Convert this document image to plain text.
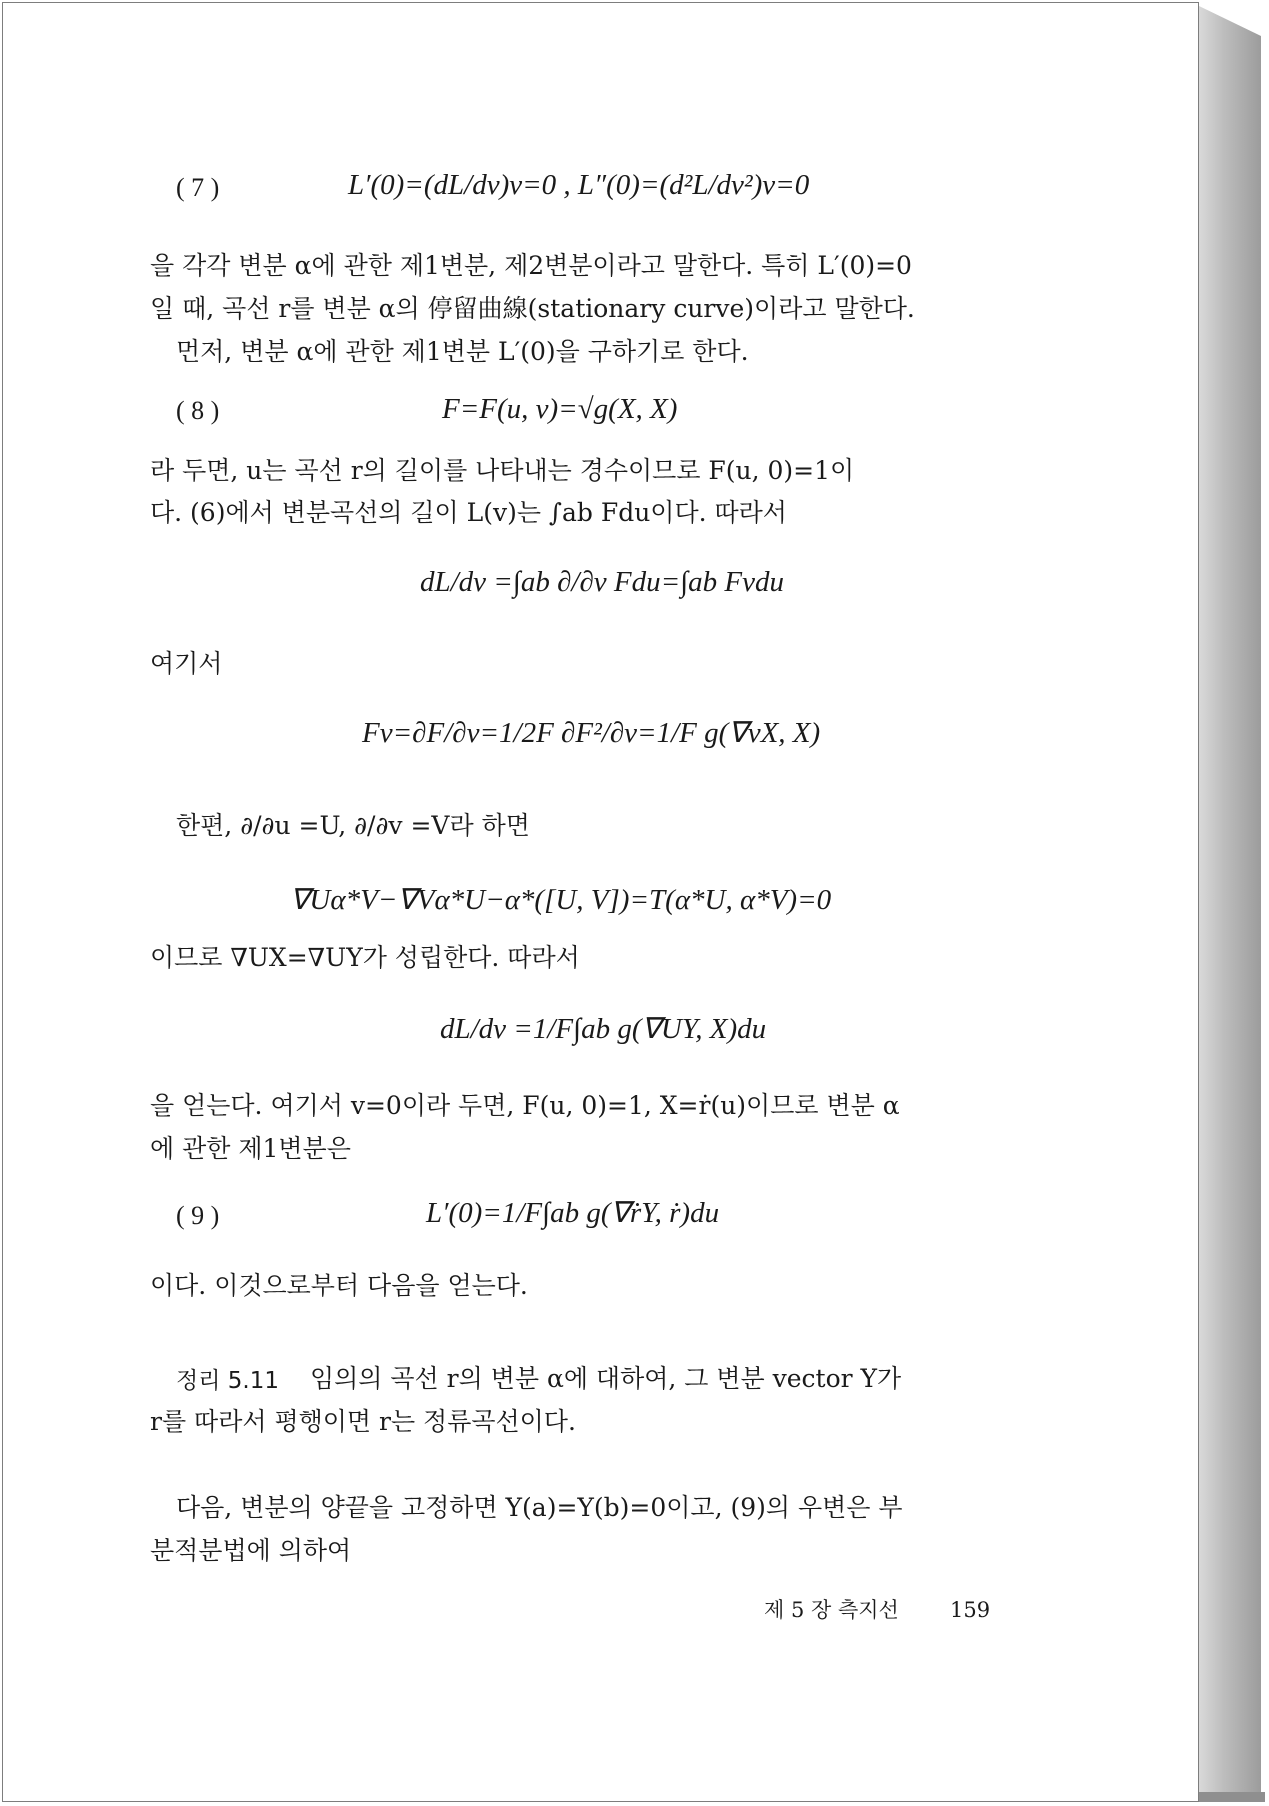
( 7 )	L′(0)=(dL/dv)v=0 , L″(0)=(d²L/dv²)v=0

을 각각 변분 α에 관한 제1변분, 제2변분이라고 말한다. 특히 L′(0)=0

일 때, 곡선 r를 변분 α의 停留曲線(stationary curve)이라고 말한다.

먼저, 변분 α에 관한 제1변분 L′(0)을 구하기로 한다.

( 8 )	F=F(u, v)=√g(X, X)

라 두면, u는 곡선 r의 길이를 나타내는 경수이므로 F(u, 0)=1이

다. (6)에서 변분곡선의 길이 L(v)는 ∫ab Fdu이다. 따라서

dL/dv =∫ab ∂/∂v Fdu=∫ab Fvdu

여기서

Fv=∂F/∂v=1/2F ∂F²/∂v=1/F g(∇vX, X)

한편, ∂/∂u =U, ∂/∂v =V라 하면

∇Uα*V−∇Vα*U−α*([U, V])=T(α*U, α*V)=0

이므로 ∇UX=∇UY가 성립한다. 따라서

dL/dv =1/F∫ab g(∇UY, X)du

을 얻는다. 여기서 v=0이라 두면, F(u, 0)=1, X=ṙ(u)이므로 변분 α

에 관한 제1변분은

( 9 )	L′(0)=1/F∫ab g(∇ṙY, ṙ)du

이다. 이것으로부터 다음을 얻는다.

정리 5.11 임의의 곡선 r의 변분 α에 대하여, 그 변분 vector Y가

r를 따라서 평행이면 r는 정류곡선이다.

다음, 변분의 양끝을 고정하면 Y(a)=Y(b)=0이고, (9)의 우변은 부

분적분법에 의하여

제 5 장 측지선 159
